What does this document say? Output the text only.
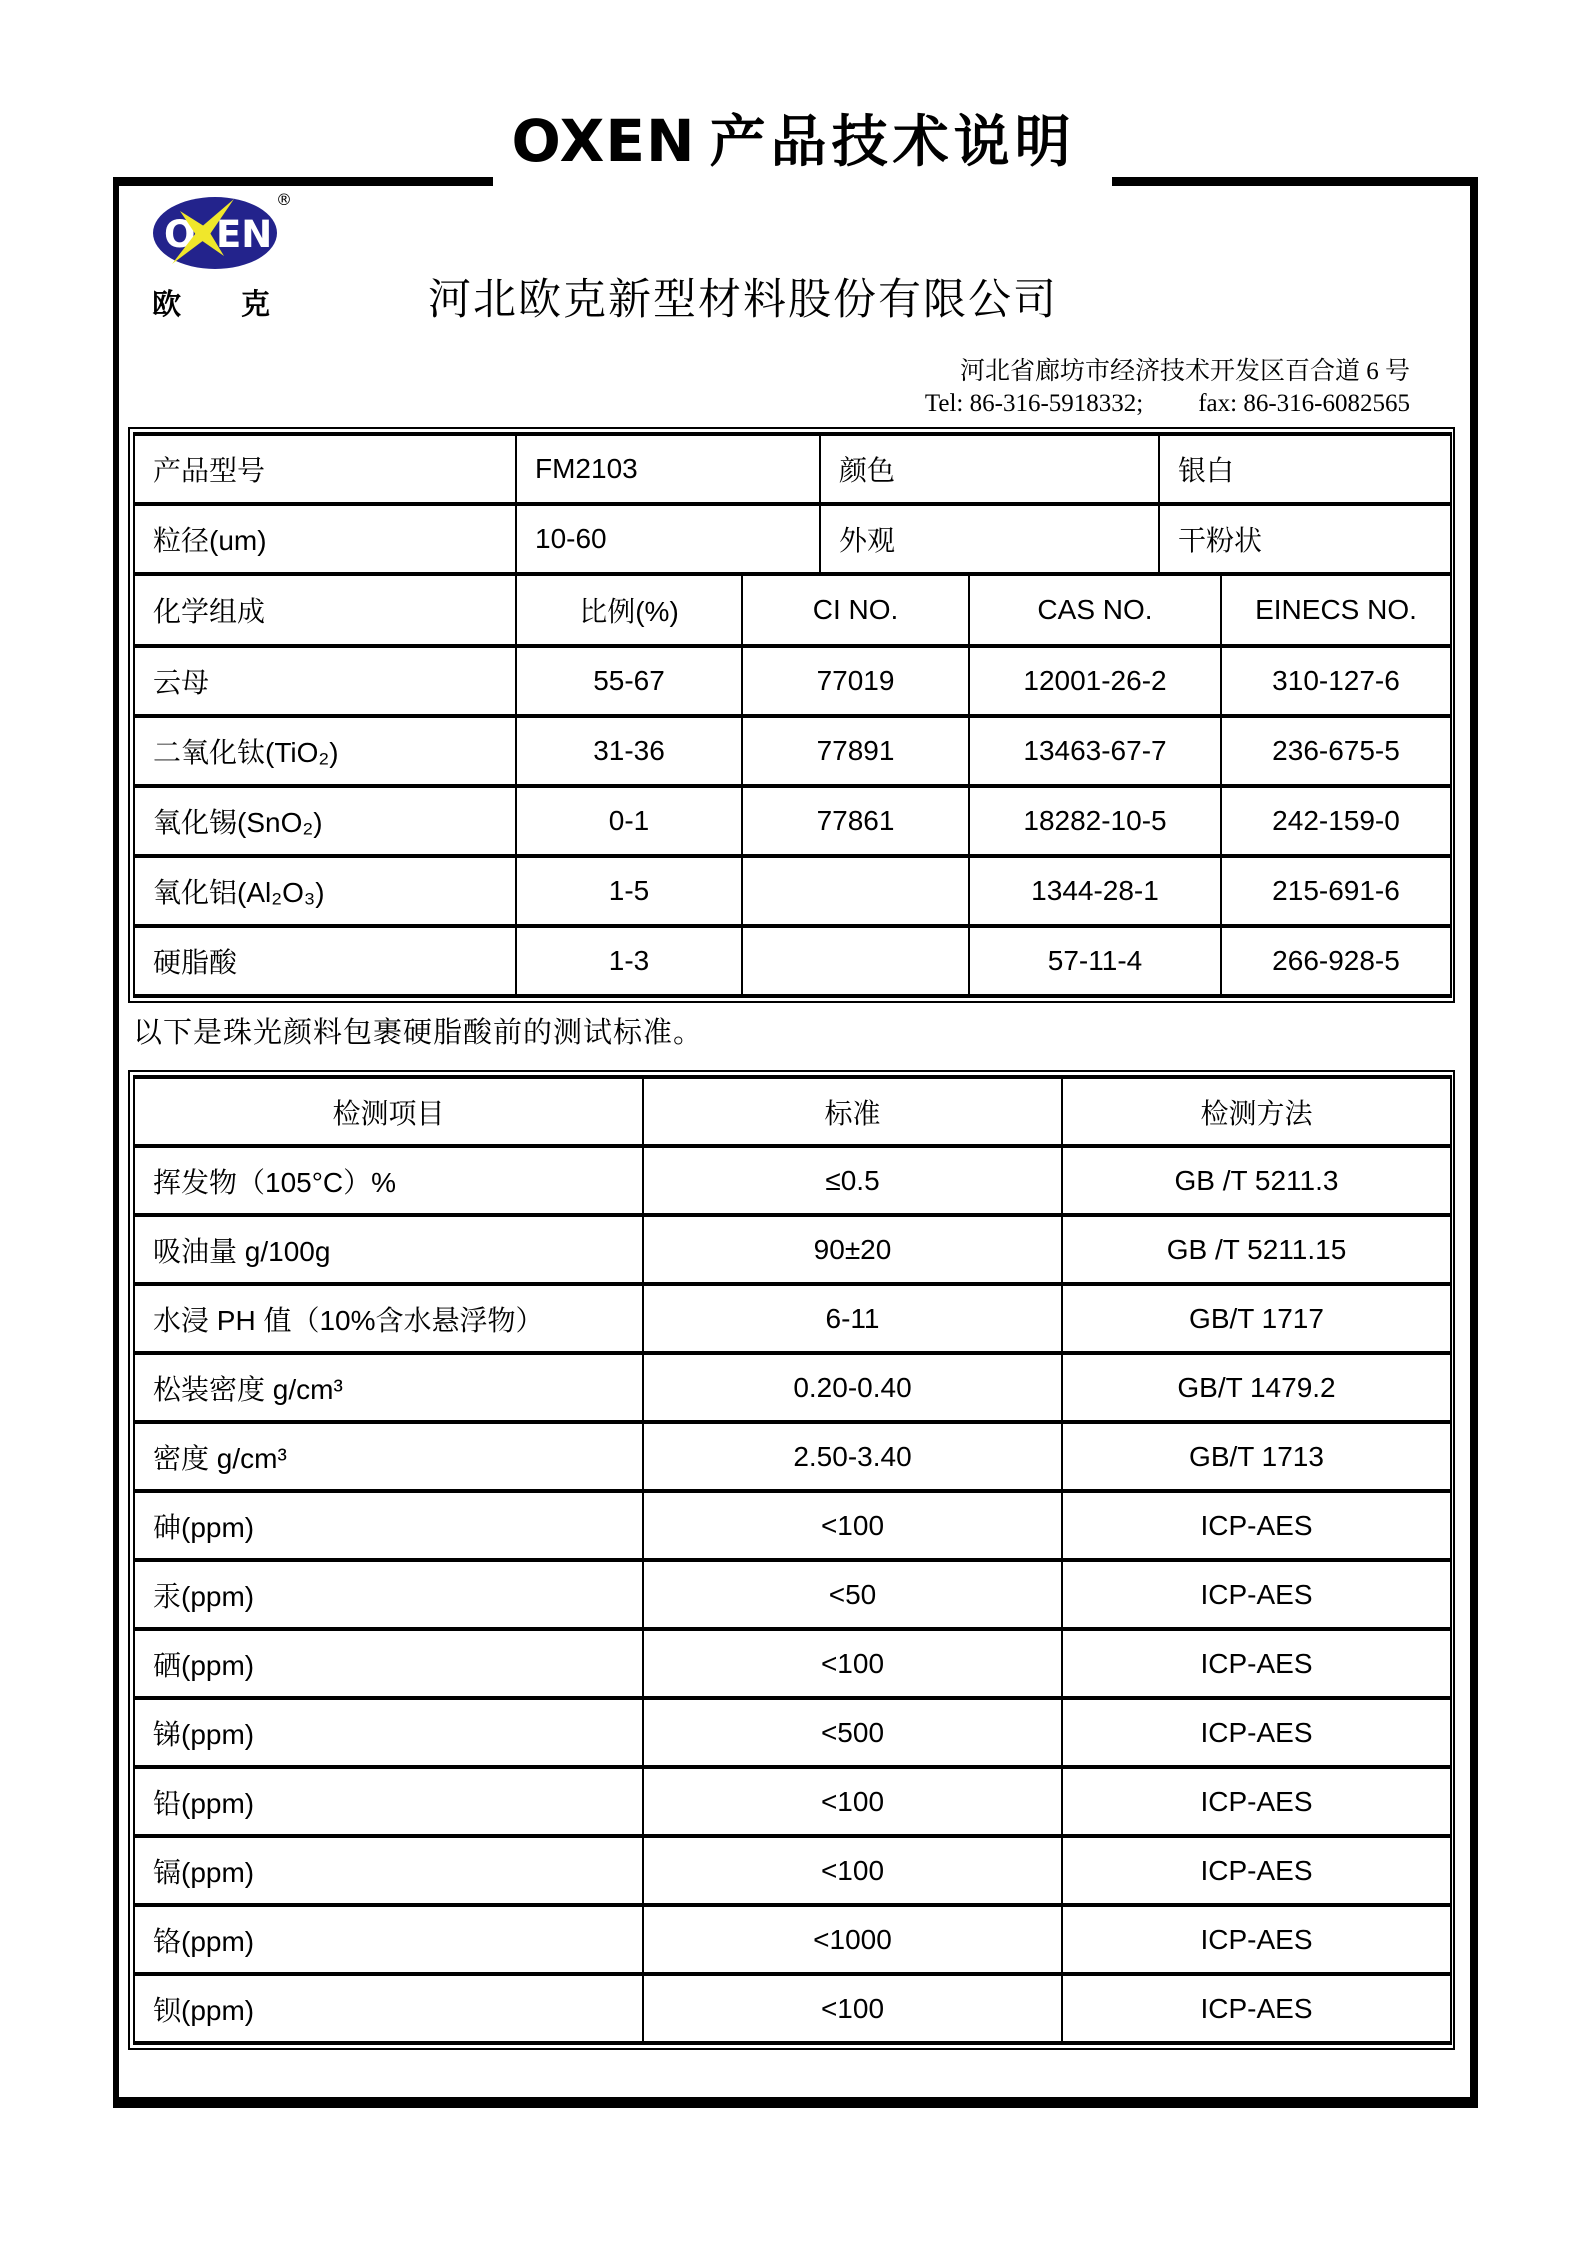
OXEN 产品技术说明
O EN
®
欧 克	河北欧克新型材料股份有限公司
河北省廊坊市经济技术开发区百合道 6 号
Tel: 86-316-5918332; fax: 86-316-6082565
产品型号	FM2103	颜色	银白
粒径(um)	10-60	外观	干粉状
化学组成	比例(%)	CI NO.	CAS NO.	EINECS NO.
云母	55-67	77019	12001-26-2	310-127-6
二氧化钛(TiO₂)	31-36	77891	13463-67-7	236-675-5
氧化锡(SnO₂)	0-1	77861	18282-10-5	242-159-0
氧化铝(Al₂O₃)	1-5		1344-28-1	215-691-6
硬脂酸	1-3		57-11-4	266-928-5
以下是珠光颜料包裹硬脂酸前的测试标准。
检测项目	标准	检测方法
挥发物（105°C）%	≤0.5	GB /T 5211.3
吸油量 g/100g	90±20	GB /T 5211.15
水浸 PH 值（10%含水悬浮物）	6-11	GB/T 1717
松装密度 g/cm³	0.20-0.40	GB/T 1479.2
密度 g/cm³	2.50-3.40	GB/T 1713
砷(ppm)	<100	ICP-AES
汞(ppm)	<50	ICP-AES
硒(ppm)	<100	ICP-AES
锑(ppm)	<500	ICP-AES
铅(ppm)	<100	ICP-AES
镉(ppm)	<100	ICP-AES
铬(ppm)	<1000	ICP-AES
钡(ppm)	<100	ICP-AES
